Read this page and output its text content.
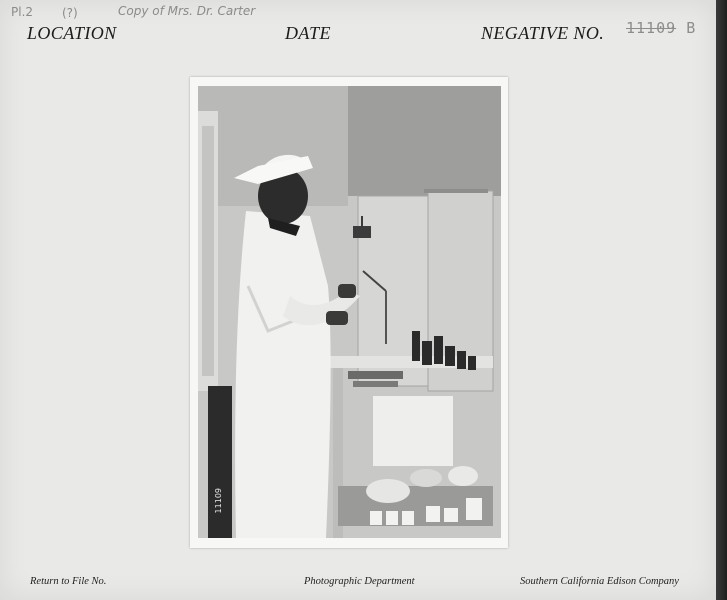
Pl.2 (?)	Copy of Mrs. Dr. Carter
LOCATION	DATE	NEGATIVE NO. 11109 B
11109
Return to File No.	Photographic Department	Southern California Edison Company
